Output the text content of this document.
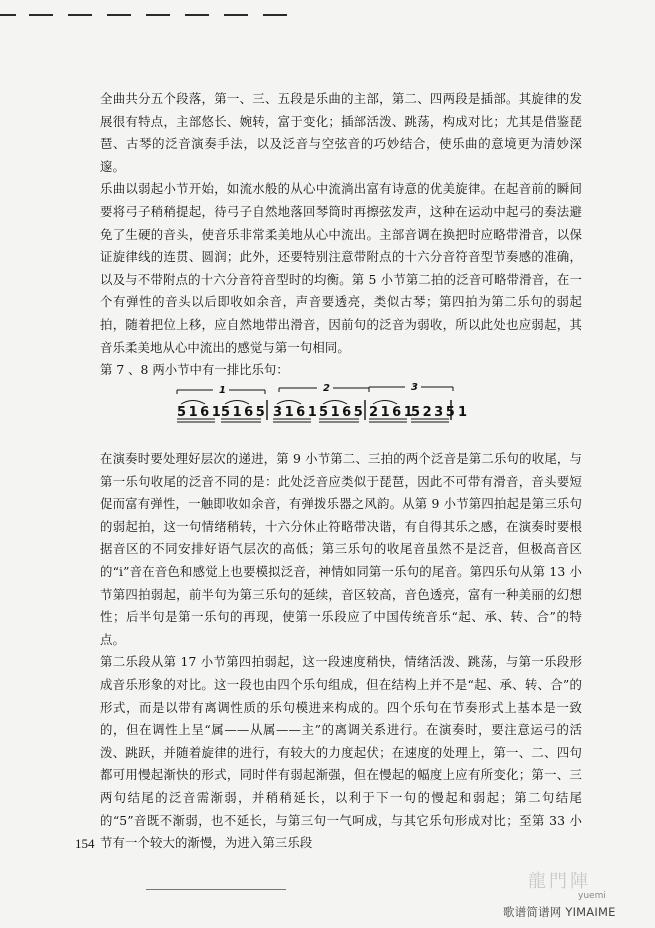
全曲共分五个段落，第一、三、五段是乐曲的主部，第二、四两段是插部。其旋律的发展很有特点，主部悠长、婉转，富于变化；插部活泼、跳荡，构成对比；尤其是借鉴琵琶、古琴的泛音演奏手法，以及泛音与空弦音的巧妙结合，使乐曲的意境更为清妙深邃。

乐曲以弱起小节开始，如流水般的从心中流淌出富有诗意的优美旋律。在起音前的瞬间要将弓子稍稍提起，待弓子自然地落回琴筒时再擦弦发声，这种在运动中起弓的奏法避免了生硬的音头，使音乐非常柔美地从心中流出。主部音调在换把时应略带滑音，以保证旋律线的连贯、圆润；此外，还要特别注意带附点的十六分音符音型节奏感的准确，以及与不带附点的十六分音符音型时的均衡。第 5 小节第二拍的泛音可略带滑音，在一个有弹性的音头以后即收如余音，声音要透亮，类似古琴；第四拍为第二乐句的弱起拍，随着把位上移，应自然地带出滑音，因前句的泛音为弱收，所以此处也应弱起，其音乐柔美地从心中流出的感觉与第一句相同。

第 7 、8 两小节中有一排比乐句：

1	2	3
5 1 6 1 5 1 6 5 3 1 6 1 5 1 6 5 2 1 6 1 5 2 3 5 1

在演奏时要处理好层次的递进，第 9 小节第二、三拍的两个泛音是第二乐句的收尾，与第一乐句收尾的泛音不同的是：此处泛音应类似于琵琶，因此不可带有滑音，音头要短促而富有弹性，一触即收如余音，有弹拨乐器之风韵。从第 9 小节第四拍起是第三乐句的弱起拍，这一句情绪稍转，十六分休止符略带决谐，有自得其乐之感，在演奏时要根据音区的不同安排好语气层次的高低；第三乐句的收尾音虽然不是泛音，但极高音区的“i”音在音色和感觉上也要模拟泛音，神情如同第一乐句的尾音。第四乐句从第 13 小节第四拍弱起，前半句为第三乐句的延续，音区较高，音色透亮，富有一种美丽的幻想性；后半句是第一乐句的再现，使第一乐段应了中国传统音乐“起、承、转、合”的特点。

第二乐段从第 17 小节第四拍弱起，这一段速度稍快，情绪活泼、跳荡，与第一乐段形成音乐形象的对比。这一段也由四个乐句组成，但在结构上并不是“起、承、转、合”的形式，而是以带有离调性质的乐句模进来构成的。四个乐句在节奏形式上基本是一致的，但在调性上呈“属——从属——主”的离调关系进行。在演奏时，要注意运弓的活泼、跳跃，并随着旋律的进行，有较大的力度起伏；在速度的处理上，第一、二、四句都可用慢起渐快的形式，同时伴有弱起渐强，但在慢起的幅度上应有所变化；第一、三两句结尾的泛音需渐弱，并稍稍延长，以利于下一句的慢起和弱起；第二句结尾的“5”音既不渐弱，也不延长，与第三句一气呵成，与其它乐句形成对比；至第 33 小节有一个较大的渐慢，为进入第三乐段

154
龍門陣
yuemi
歌谱简谱网 YIMAIME
